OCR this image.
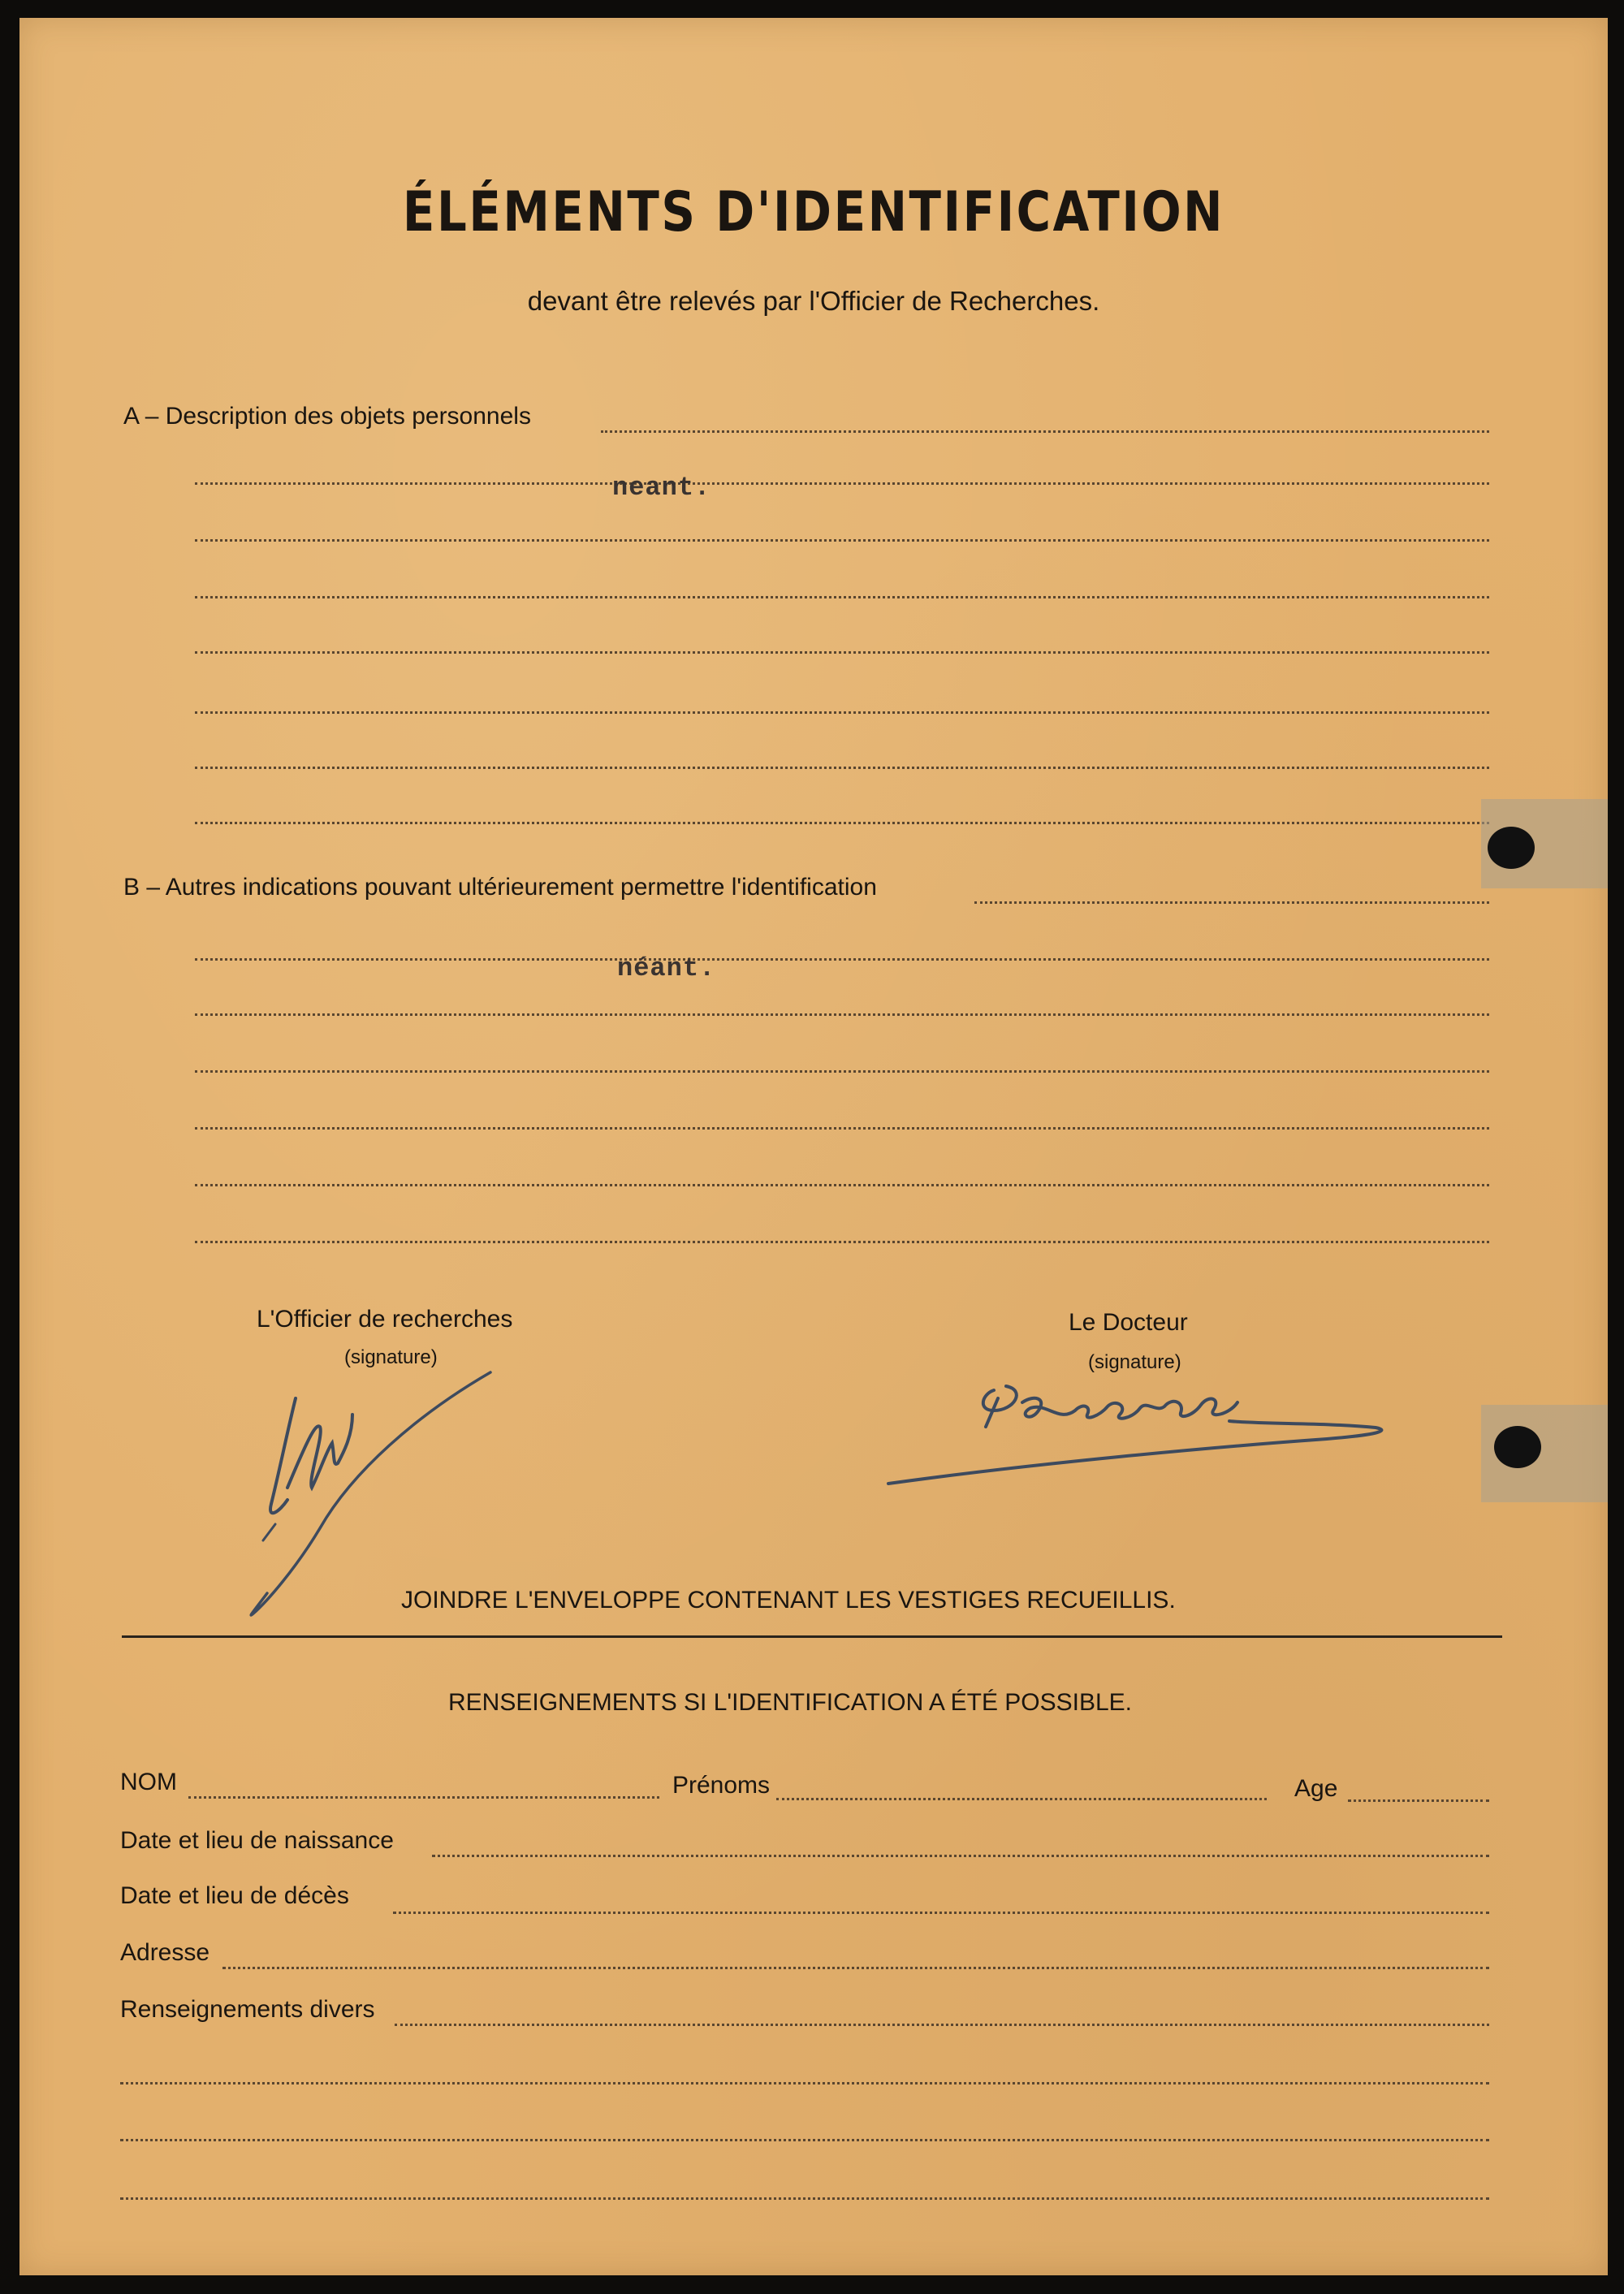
ÉLÉMENTS D'IDENTIFICATION
devant être relevés par l'Officier de Recherches.
A – Description des objets personnels
neant.
B – Autres indications pouvant ultérieurement permettre l'identification
néant.
L'Officier de recherches
(signature)
Le Docteur
(signature)
JOINDRE L'ENVELOPPE CONTENANT LES VESTIGES RECUEILLIS.
RENSEIGNEMENTS SI L'IDENTIFICATION A ÉTÉ POSSIBLE.
NOM	Prénoms	Age
Date et lieu de naissance
Date et lieu de décès
Adresse
Renseignements divers
